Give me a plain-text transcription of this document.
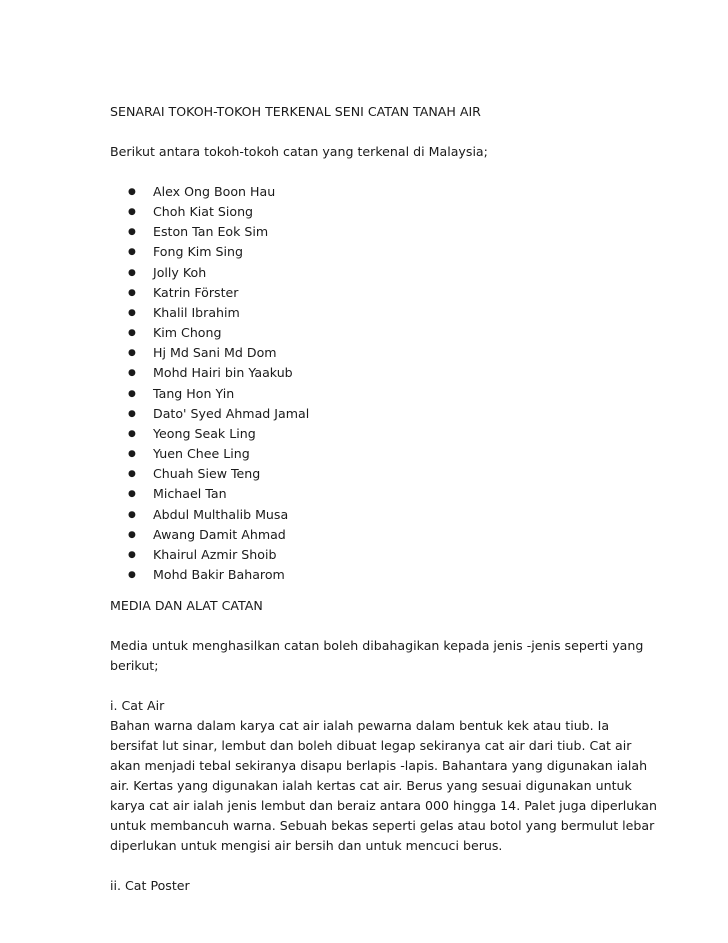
SENARAI TOKOH-TOKOH TERKENAL SENI CATAN TANAH AIR

Berikut antara tokoh-tokoh catan yang terkenal di Malaysia;

● Alex Ong Boon Hau
● Choh Kiat Siong
● Eston Tan Eok Sim
● Fong Kim Sing
● Jolly Koh
● Katrin Förster
● Khalil Ibrahim
● Kim Chong
● Hj Md Sani Md Dom
● Mohd Hairi bin Yaakub
● Tang Hon Yin
● Dato' Syed Ahmad Jamal
● Yeong Seak Ling
● Yuen Chee Ling
● Chuah Siew Teng
● Michael Tan
● Abdul Multhalib Musa
● Awang Damit Ahmad
● Khairul Azmir Shoib
● Mohd Bakir Baharom

MEDIA DAN ALAT CATAN

Media untuk menghasilkan catan boleh dibahagikan kepada jenis -jenis seperti yang

berikut;

i. Cat Air

Bahan warna dalam karya cat air ialah pewarna dalam bentuk kek atau tiub. Ia

bersifat lut sinar, lembut dan boleh dibuat legap sekiranya cat air dari tiub. Cat air

akan menjadi tebal sekiranya disapu berlapis -lapis. Bahantara yang digunakan ialah

air. Kertas yang digunakan ialah kertas cat air. Berus yang sesuai digunakan untuk

karya cat air ialah jenis lembut dan beraiz antara 000 hingga 14. Palet juga diperlukan

untuk membancuh warna. Sebuah bekas seperti gelas atau botol yang bermulut lebar

diperlukan untuk mengisi air bersih dan untuk mencuci berus.

ii. Cat Poster
